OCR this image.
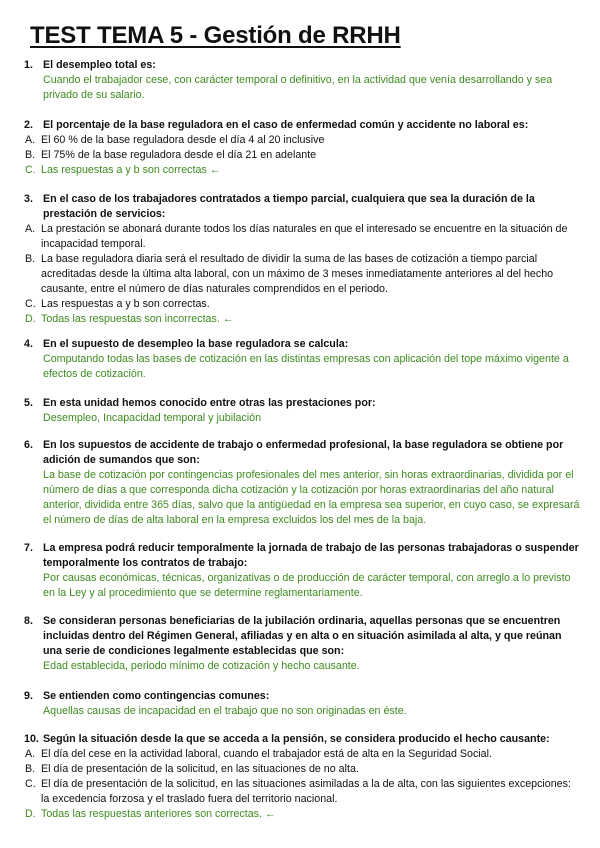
TEST TEMA 5 - Gestión de RRHH
1. El desempleo total es:
Cuando el trabajador cese, con carácter temporal o definitivo, en la actividad que venía desarrollando y sea privado de su salario.
2. El porcentaje de la base reguladora en el caso de enfermedad común y accidente no laboral es:
A. El 60 % de la base reguladora desde el día 4 al 20 inclusive
B. El 75% de la base reguladora desde el día 21 en adelante
C. Las respuestas a y b son correctas ←
3. En el caso de los trabajadores contratados a tiempo parcial, cualquiera que sea la duración de la prestación de servicios:
A. La prestación se abonará durante todos los días naturales en que el interesado se encuentre en la situación de incapacidad temporal.
B. La base reguladora diaria será el resultado de dividir la suma de las bases de cotización a tiempo parcial acreditadas desde la última alta laboral, con un máximo de 3 meses inmediatamente anteriores al del hecho causante, entre el número de días naturales comprendidos en el periodo.
C. Las respuestas a y b son correctas.
D. Todas las respuestas son incorrectas. ←
4. En el supuesto de desempleo la base reguladora se calcula:
Computando todas las bases de cotización en las distintas empresas con aplicación del tope máximo vigente a efectos de cotización.
5. En esta unidad hemos conocido entre otras las prestaciones por:
Desempleo, Incapacidad temporal y jubilación
6. En los supuestos de accidente de trabajo o enfermedad profesional, la base reguladora se obtiene por adición de sumandos que son:
La base de cotización por contingencias profesionales del mes anterior, sin horas extraordinarias, dividida por el número de días a que corresponda dicha cotización y la cotización por horas extraordinarias del año natural anterior, dividida entre 365 días, salvo que la antigüedad en la empresa sea superior, en cuyo caso, se expresará el número de días de alta laboral en la empresa excluidos los del mes de la baja.
7. La empresa podrá reducir temporalmente la jornada de trabajo de las personas trabajadoras o suspender temporalmente los contratos de trabajo:
Por causas económicas, técnicas, organizativas o de producción de carácter temporal, con arreglo a lo previsto en la Ley y al procedimiento que se determine reglamentariamente.
8. Se consideran personas beneficiarias de la jubilación ordinaria, aquellas personas que se encuentren incluidas dentro del Régimen General, afiliadas y en alta o en situación asimilada al alta, y que reúnan una serie de condiciones legalmente establecidas que son:
Edad establecida, periodo mínimo de cotización y hecho causante.
9. Se entienden como contingencias comunes:
Aquellas causas de incapacidad en el trabajo que no son originadas en éste.
10. Según la situación desde la que se acceda a la pensión, se considera producido el hecho causante:
A. El día del cese en la actividad laboral, cuando el trabajador está de alta en la Seguridad Social.
B. El día de presentación de la solicitud, en las situaciones de no alta.
C. El día de presentación de la solicitud, en las situaciones asimiladas a la de alta, con las siguientes excepciones: la excedencia forzosa y el traslado fuera del territorio nacional.
D. Todas las respuestas anteriores son correctas. ←
